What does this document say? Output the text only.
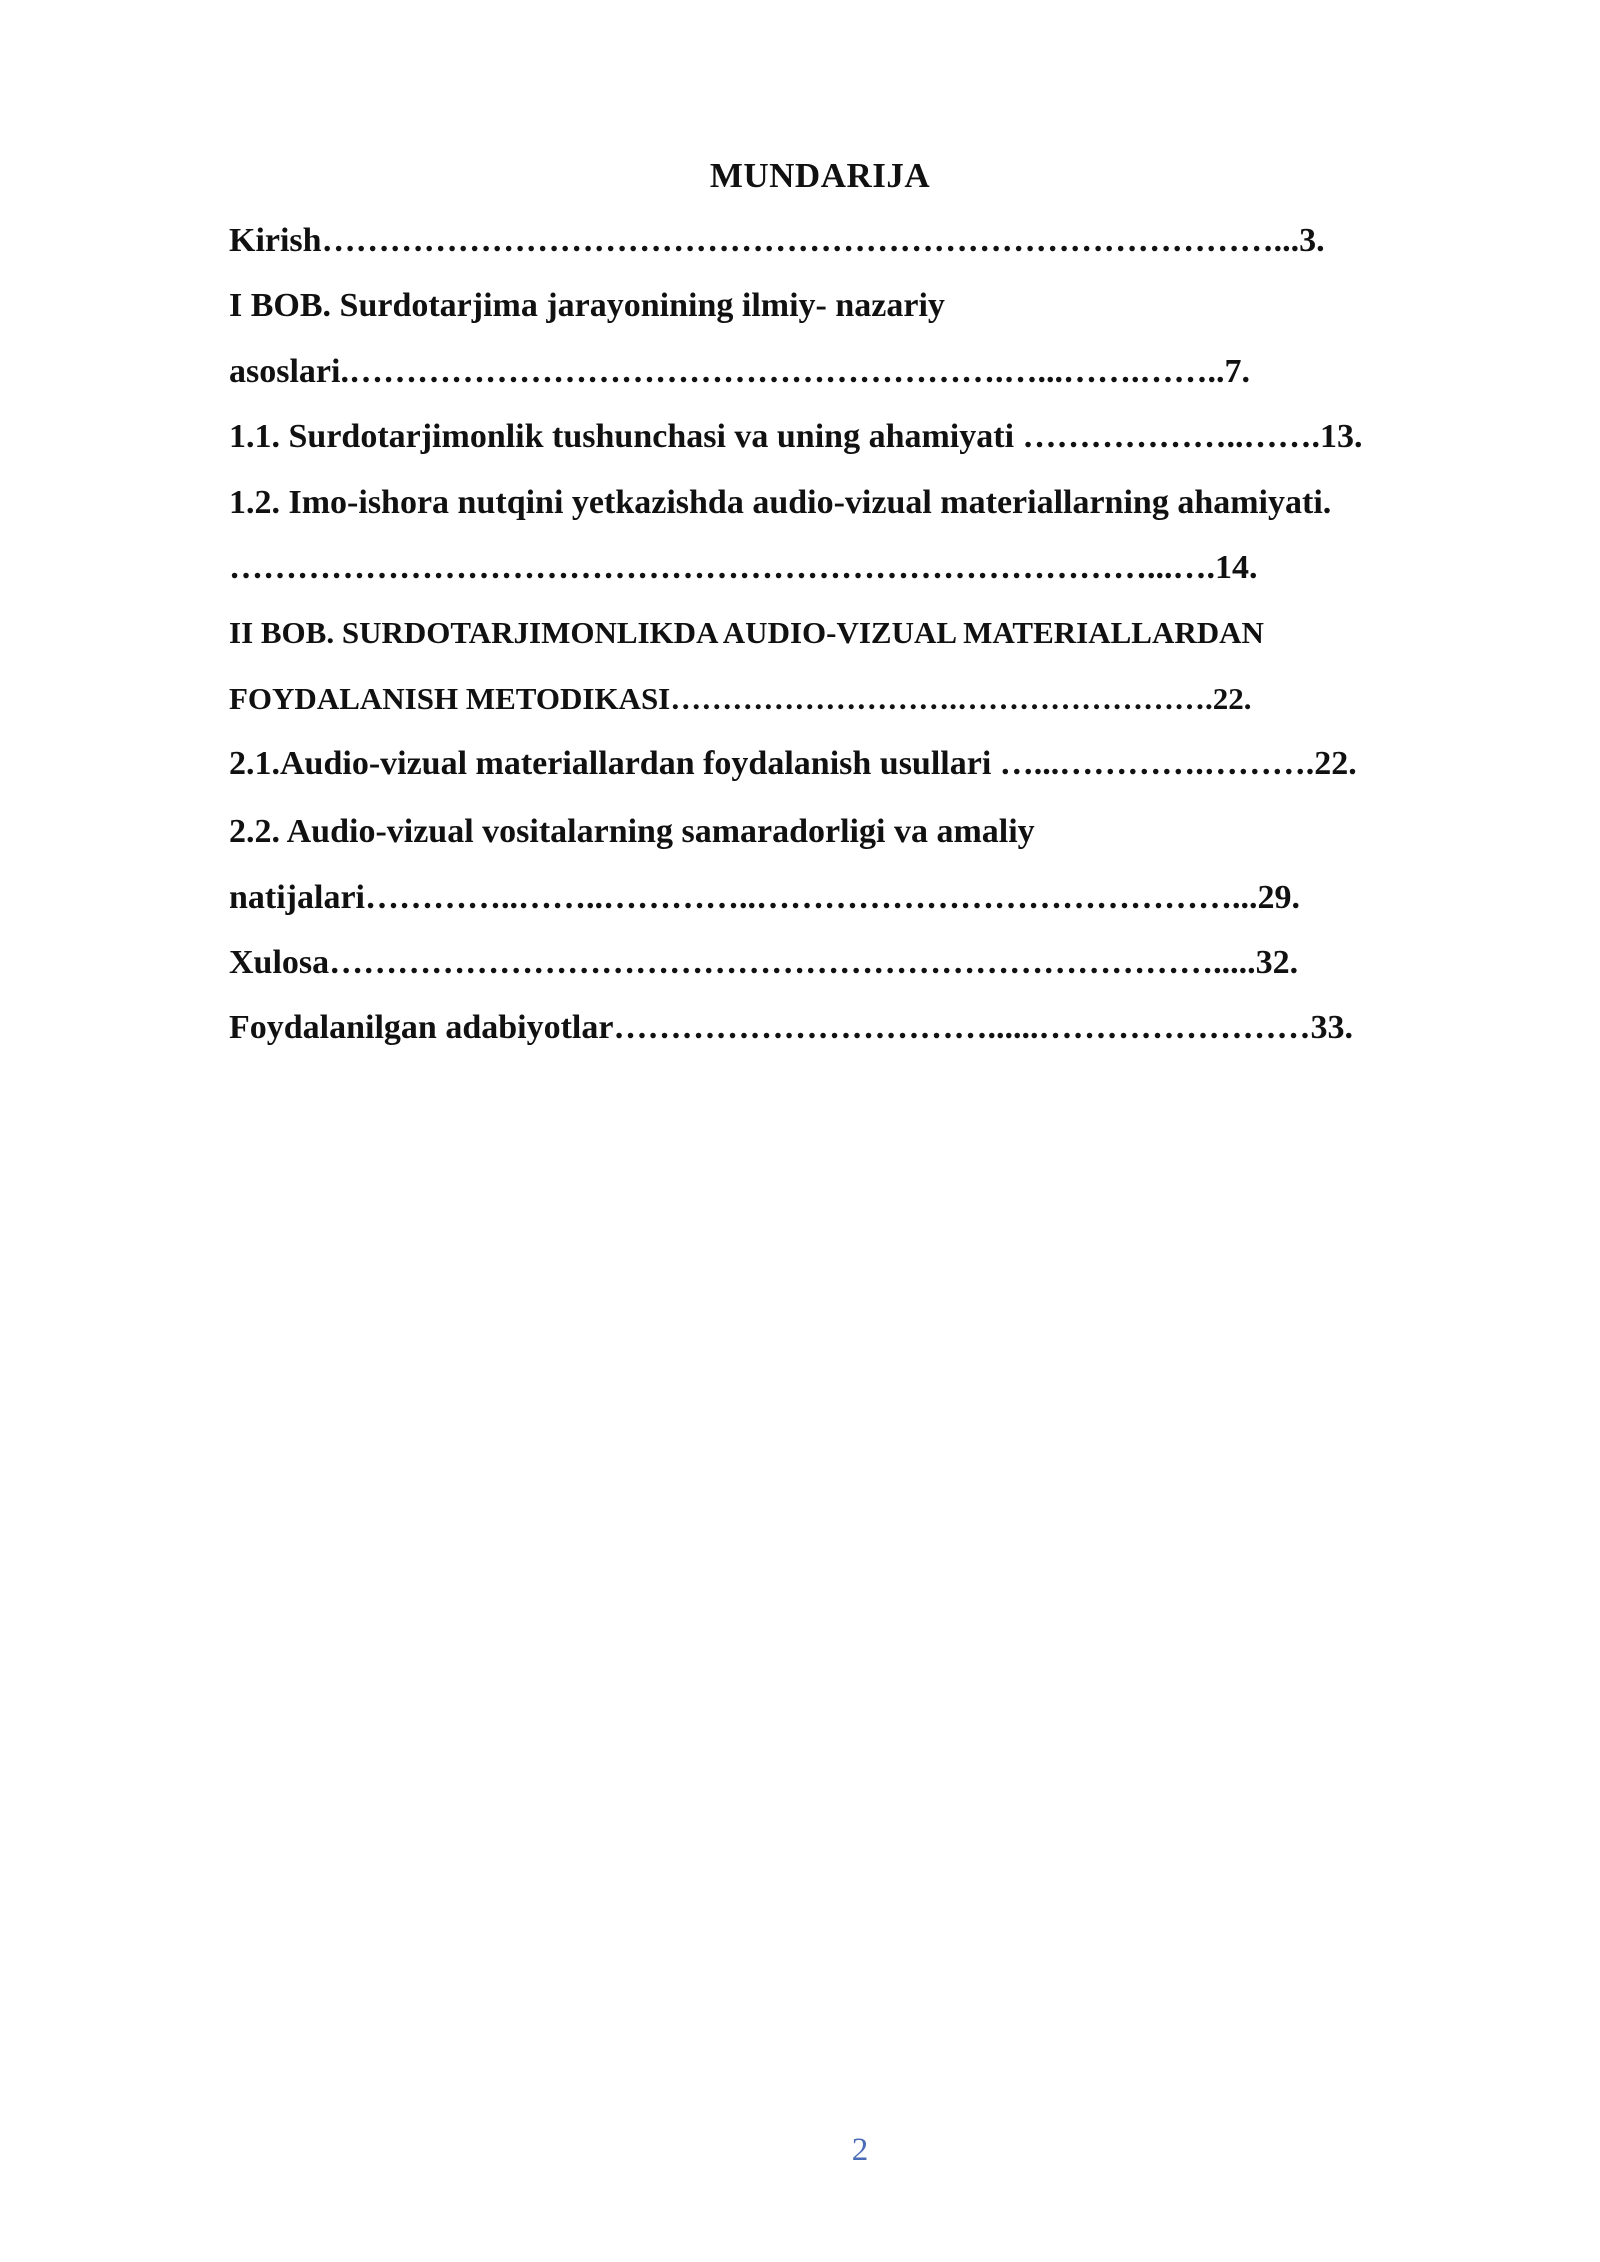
MUNDARIJA
Kirish…………………………………………………………………………...3.
I BOB. Surdotarjima jarayonining ilmiy- nazariy
asoslari.………………………………………………….…...…….……..7.
1.1. Surdotarjimonlik tushunchasi va uning ahamiyati ………………..…….13.
1.2. Imo-ishora nutqini yetkazishda audio-vizual materiallarning ahamiyati.
………………………………………………………………………...….14.
II BOB. SURDOTARJIMONLIKDA AUDIO-VIZUAL MATERIALLARDAN
FOYDALANISH METODIKASI……………………….…………………….22.
2.1.Audio-vizual materiallardan foydalanish usullari …...………….……….22.
2.2. Audio-vizual vositalarning samaradorligi va amaliy
natijalari…………..……..…………..……………………………………...29.
Xulosa…………………………………………………………………….....32.
Foydalanilgan adabiyotlar……………………………......……………………33.
2
